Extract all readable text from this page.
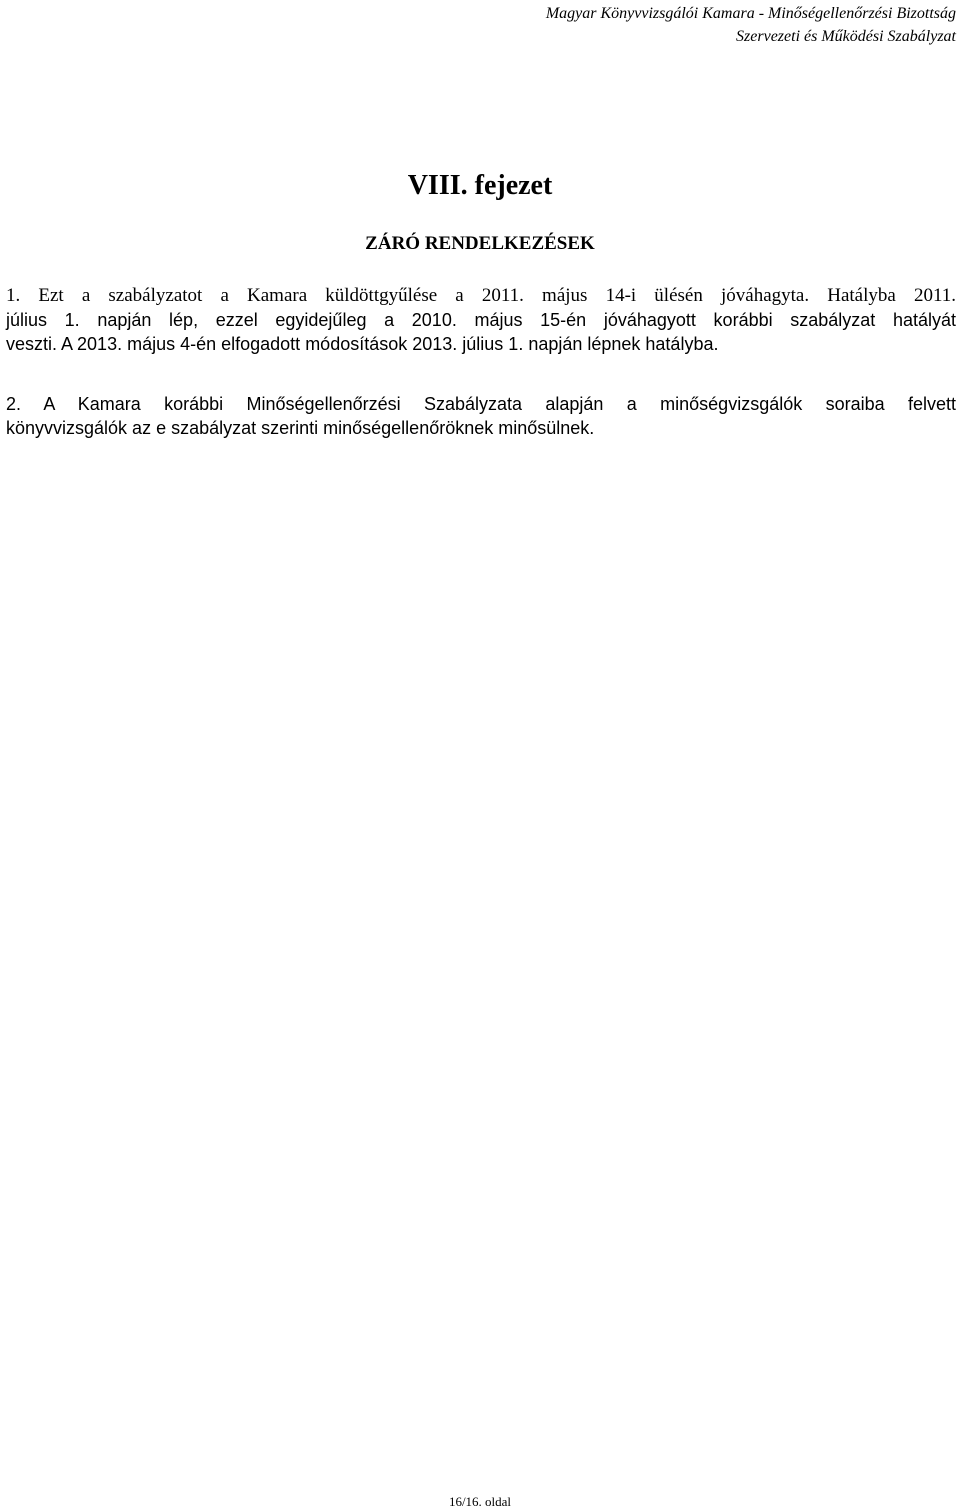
Magyar Könyvvizsgálói Kamara - Minőségellenőrzési Bizottság
Szervezeti és Működési Szabályzat
VIII. fejezet
ZÁRÓ RENDELKEZÉSEK
1. Ezt a szabályzatot a Kamara küldöttgyűlése a 2011. május 14-i ülésén jóváhagyta. Hatályba 2011.
július 1. napján lép, ezzel egyidejűleg a 2010. május 15-én jóváhagyott korábbi szabályzat hatályát
veszti. A 2013. május 4-én elfogadott módosítások 2013. július 1. napján lépnek hatályba.
2. A Kamara korábbi Minőségellenőrzési Szabályzata alapján a minőségvizsgálók soraiba felvett
könyvvizsgálók az e szabályzat szerinti minőségellenőröknek minősülnek.
16/16. oldal
